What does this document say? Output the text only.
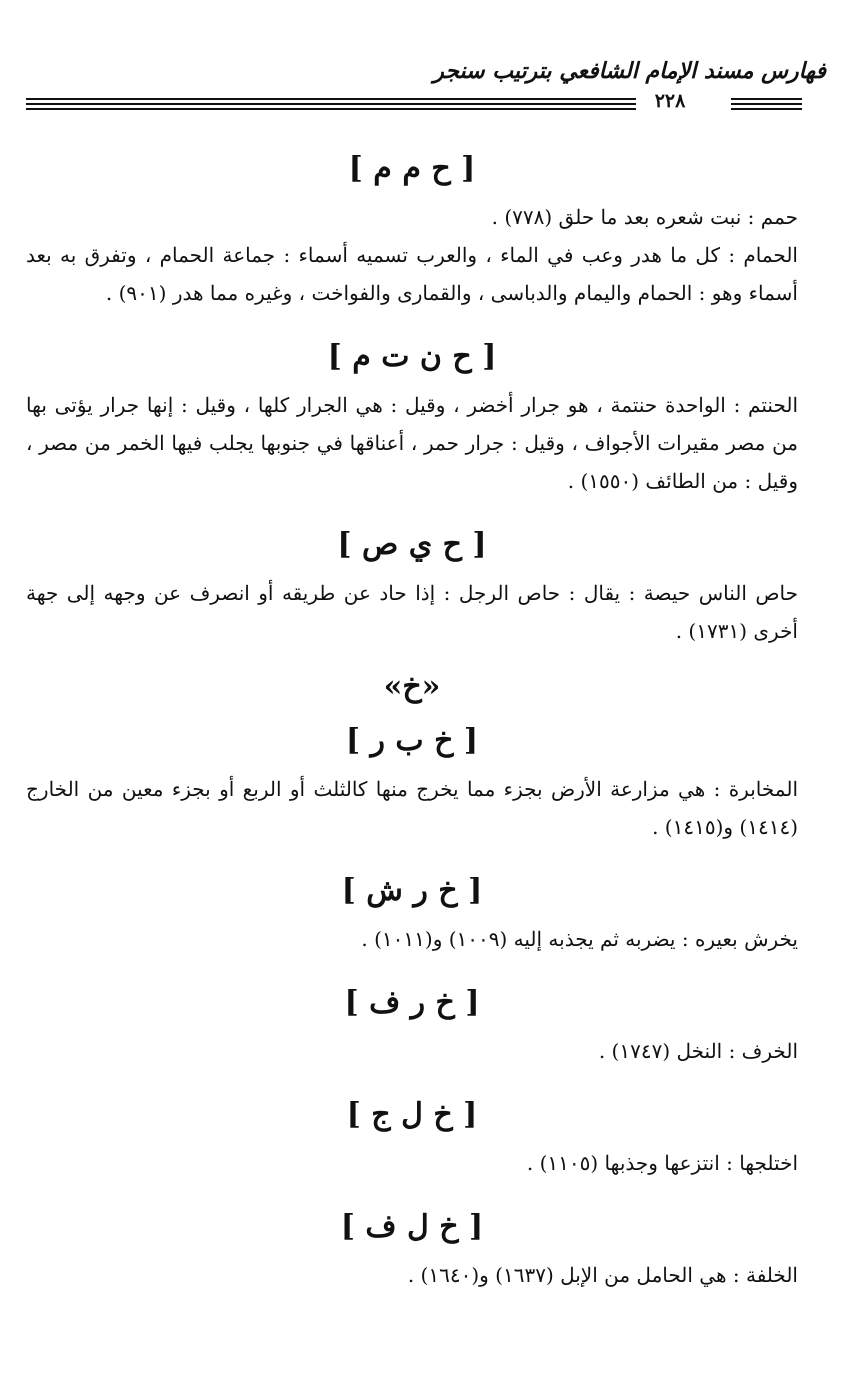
فهارس مسند الإمام الشافعي بترتيب سنجر
٢٢٨
[ ح م م ]

حمم : نبت شعره بعد ما حلق (٧٧٨) .

الحمام : كل ما هدر وعب في الماء ، والعرب تسميه أسماء : جماعة الحمام ، وتفرق به بعد أسماء وهو : الحمام واليمام والدباسى ، والقمارى والفواخت ، وغيره مما هدر (٩٠١) .

[ ح ن ت م ]

الحنتم : الواحدة حنتمة ، هو جرار أخضر ، وقيل : هي الجرار كلها ، وقيل : إنها جرار يؤتى بها من مصر مقيرات الأجواف ، وقيل : جرار حمر ، أعناقها في جنوبها يجلب فيها الخمر من مصر ، وقيل : من الطائف (١٥٥٠) .

[ ح ي ص ]

حاص الناس حيصة : يقال : حاص الرجل : إذا حاد عن طريقه أو انصرف عن وجهه إلى جهة أخرى (١٧٣١) .

«خ»
[ خ ب ر ]

المخابرة : هي مزارعة الأرض بجزء مما يخرج منها كالثلث أو الربع أو بجزء معين من الخارج (١٤١٤) و(١٤١٥) .

[ خ ر ش ]

يخرش بعيره : يضربه ثم يجذبه إليه (١٠٠٩) و(١٠١١) .

[ خ ر ف ]

الخرف : النخل (١٧٤٧) .

[ خ ل ج ]

اختلجها : انتزعها وجذبها (١١٠٥) .

[ خ ل ف ]

الخلفة : هي الحامل من الإبل (١٦٣٧) و(١٦٤٠) .
